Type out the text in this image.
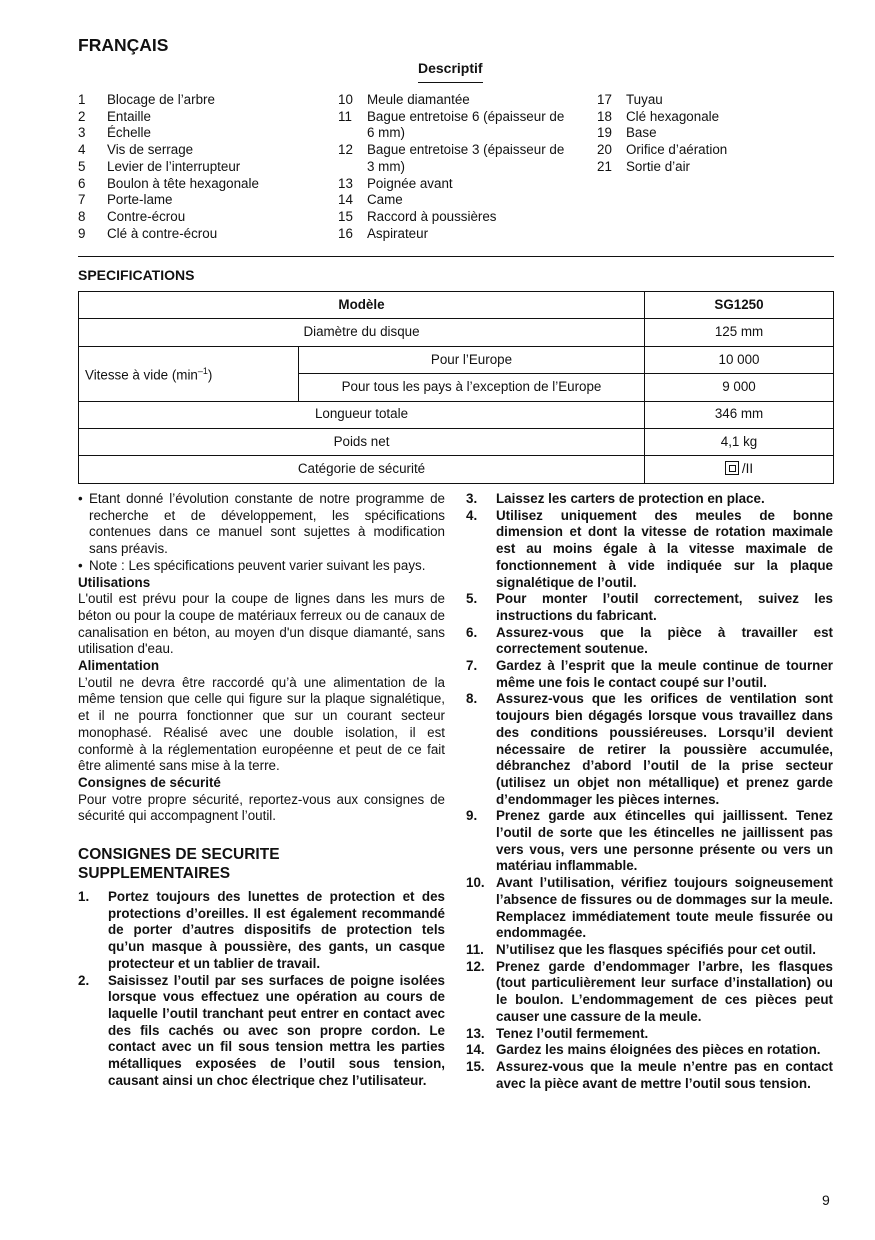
FRANÇAIS
Descriptif
1	Blocage de l’arbre
2	Entaille
3	Échelle
4	Vis de serrage
5	Levier de l’interrupteur
6	Boulon à tête hexagonale
7	Porte-lame
8	Contre-écrou
9	Clé à contre-écrou
10	Meule diamantée
11	Bague entretoise 6 (épaisseur de 6 mm)
12	Bague entretoise 3 (épaisseur de 3 mm)
13	Poignée avant
14	Came
15	Raccord à poussières
16	Aspirateur
17	Tuyau
18	Clé hexagonale
19	Base
20	Orifice d’aération
21	Sortie d’air
SPECIFICATIONS
Modèle		SG1250
Diamètre du disque		125 mm
Vitesse à vide $(\min^{-1})$	Pour l’Europe	10 000
	Pour tous les pays à l’exception de l’Europe	9 000
Longueur totale		346 mm
Poids net		4,1 kg
Catégorie de sécurité		/II
• Etant donné l’évolution constante de notre programme de recherche et de développement, les spécifications contenues dans ce manuel sont sujettes à modification sans préavis.

• Note : Les spécifications peuvent varier suivant les pays.

Utilisations

L'outil est prévu pour la coupe de lignes dans les murs de béton ou pour la coupe de matériaux ferreux ou de canaux de canalisation en béton, au moyen d'un disque diamanté, sans utilisation d'eau.

Alimentation

L’outil ne devra être raccordé qu’à une alimentation de la même tension que celle qui figure sur la plaque signalétique, et il ne pourra fonctionner que sur un courant secteur monophasé. Réalisé avec une double isolation, il est conformè à la réglementation européenne et peut de ce fait être alimenté sans mise à la terre.

Consignes de sécurité

Pour votre propre sécurité, reportez-vous aux consignes de sécurité qui accompagnent l’outil.

CONSIGNES DE SECURITE
SUPPLEMENTAIRES
1.	Portez toujours des lunettes de protection et des protections d’oreilles. Il est également recommandé de porter d’autres dispositifs de protection tels qu’un masque à poussière, des gants, un casque protecteur et un tablier de travail.

2.	Saisissez l’outil par ses surfaces de poigne isolées lorsque vous effectuez une opération au cours de laquelle l’outil tranchant peut entrer en contact avec des fils cachés ou avec son propre cordon. Le contact avec un fil sous tension mettra les parties métalliques exposées de l’outil sous tension, causant ainsi un choc électrique chez l’utilisateur.

3.	Laissez les carters de protection en place.

4.	Utilisez uniquement des meules de bonne dimension et dont la vitesse de rotation maximale est au moins égale à la vitesse maximale de fonctionnement à vide indiquée sur la plaque signalétique de l’outil.

5.	Pour monter l’outil correctement, suivez les instructions du fabricant.

6.	Assurez-vous que la pièce à travailler est correctement soutenue.

7.	Gardez à l’esprit que la meule continue de tourner même une fois le contact coupé sur l’outil.

8.	Assurez-vous que les orifices de ventilation sont toujours bien dégagés lorsque vous travaillez dans des conditions poussiéreuses. Lorsqu’il devient nécessaire de retirer la poussière accumulée, débranchez d’abord l’outil de la prise secteur (utilisez un objet non métallique) et prenez garde d’endommager les pièces internes.

9.	Prenez garde aux étincelles qui jaillissent. Tenez l’outil de sorte que les étincelles ne jaillissent pas vers vous, vers une personne présente ou vers un matériau inflammable.

10. Avant l’utilisation, vérifiez toujours soigneusement l’absence de fissures ou de dommages sur la meule. Remplacez immédiatement toute meule fissurée ou endommagée.

11. N’utilisez que les flasques spécifiés pour cet outil.

12. Prenez garde d’endommager l’arbre, les flasques (tout particulièrement leur surface d’installation) ou le boulon. L’endommagement de ces pièces peut causer une cassure de la meule.

13. Tenez l’outil fermement.

14. Gardez les mains éloignées des pièces en rotation.

15. Assurez-vous que la meule n’entre pas en contact avec la pièce avant de mettre l’outil sous tension.

9
